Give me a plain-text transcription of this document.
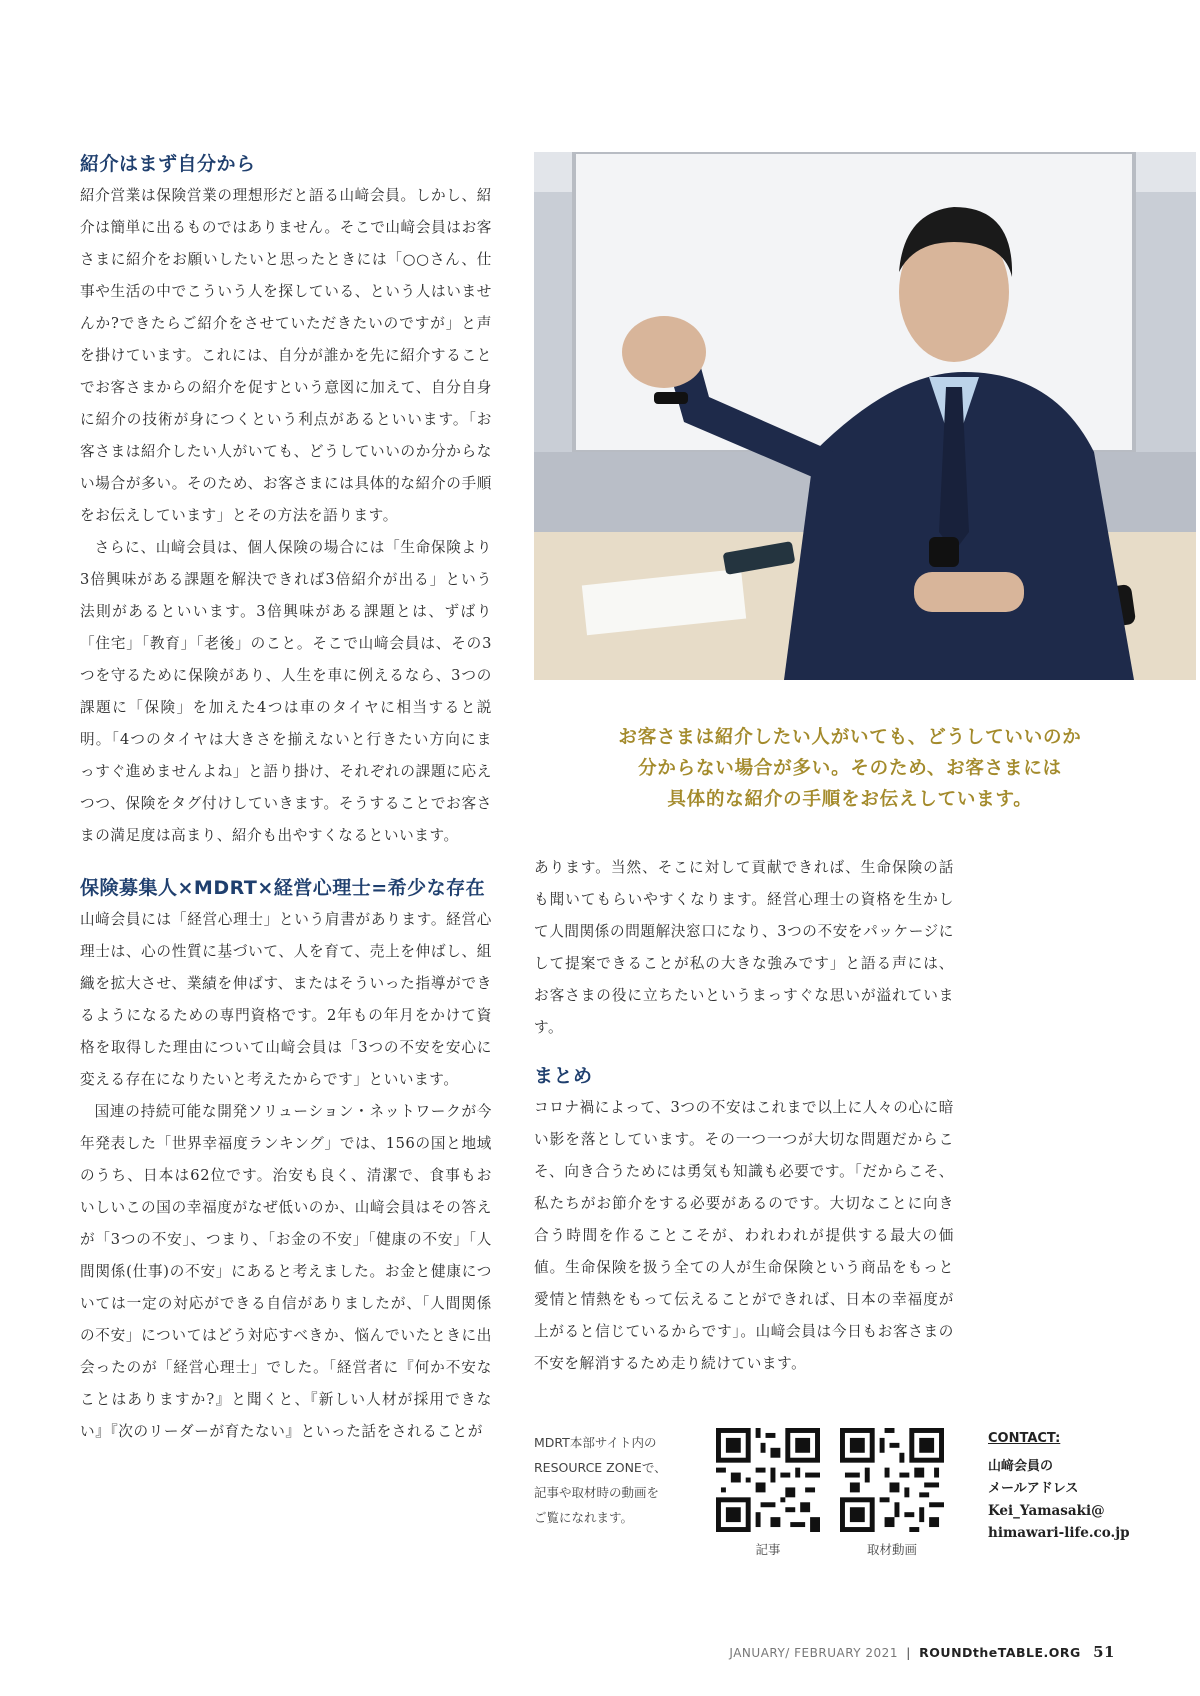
紹介はまず自分から

紹介営業は保険営業の理想形だと語る山﨑会員。しかし、紹介は簡単に出るものではありません。そこで山﨑会員はお客さまに紹介をお願いしたいと思ったときには「○○さん、仕事や生活の中でこういう人を探している、という人はいませんか?できたらご紹介をさせていただきたいのですが」と声を掛けています。これには、自分が誰かを先に紹介することでお客さまからの紹介を促すという意図に加えて、自分自身に紹介の技術が身につくという利点があるといいます。「お客さまは紹介したい人がいても、どうしていいのか分からない場合が多い。そのため、お客さまには具体的な紹介の手順をお伝えしています」とその方法を語ります。

さらに、山﨑会員は、個人保険の場合には「生命保険より3倍興味がある課題を解決できれば3倍紹介が出る」という法則があるといいます。3倍興味がある課題とは、ずばり「住宅」「教育」「老後」のこと。そこで山﨑会員は、その3つを守るために保険があり、人生を車に例えるなら、3つの課題に「保険」を加えた4つは車のタイヤに相当すると説明。「4つのタイヤは大きさを揃えないと行きたい方向にまっすぐ進めませんよね」と語り掛け、それぞれの課題に応えつつ、保険をタグ付けしていきます。そうすることでお客さまの満足度は高まり、紹介も出やすくなるといいます。

保険募集人×MDRT×経営心理士=希少な存在

山﨑会員には「経営心理士」という肩書があります。経営心理士は、心の性質に基づいて、人を育て、売上を伸ばし、組織を拡大させ、業績を伸ばす、またはそういった指導ができるようになるための専門資格です。2年もの年月をかけて資格を取得した理由について山﨑会員は「3つの不安を安心に変える存在になりたいと考えたからです」といいます。

国連の持続可能な開発ソリューション・ネットワークが今年発表した「世界幸福度ランキング」では、156の国と地域のうち、日本は62位です。治安も良く、清潔で、食事もおいしいこの国の幸福度がなぜ低いのか、山﨑会員はその答えが「3つの不安」、つまり、「お金の不安」「健康の不安」「人間関係(仕事)の不安」にあると考えました。お金と健康については一定の対応ができる自信がありましたが、「人間関係の不安」についてはどう対応すべきか、悩んでいたときに出会ったのが「経営心理士」でした。「経営者に『何か不安なことはありますか?』と聞くと、『新しい人材が採用できない』『次のリーダーが育たない』といった話をされることが

お客さまは紹介したい人がいても、どうしていいのか
分からない場合が多い。そのため、お客さまには
具体的な紹介の手順をお伝えしています。

あります。当然、そこに対して貢献できれば、生命保険の話も聞いてもらいやすくなります。経営心理士の資格を生かして人間関係の問題解決窓口になり、3つの不安をパッケージにして提案できることが私の大きな強みです」と語る声には、お客さまの役に立ちたいというまっすぐな思いが溢れています。

まとめ

コロナ禍によって、3つの不安はこれまで以上に人々の心に暗い影を落としています。その一つ一つが大切な問題だからこそ、向き合うためには勇気も知識も必要です。「だからこそ、私たちがお節介をする必要があるのです。大切なことに向き合う時間を作ることこそが、われわれが提供する最大の価値。生命保険を扱う全ての人が生命保険という商品をもっと愛情と情熱をもって伝えることができれば、日本の幸福度が上がると信じているからです」。山﨑会員は今日もお客さまの不安を解消するため走り続けています。

MDRT本部サイト内の
RESOURCE ZONEで、
記事や取材時の動画を
ご覧になれます。
記事	取材動画
CONTACT:
山﨑会員の
メールアドレス
Kei_Yamasaki@
himawari-life.co.jp
JANUARY/ FEBRUARY 2021 | ROUNDtheTABLE.ORG 51
